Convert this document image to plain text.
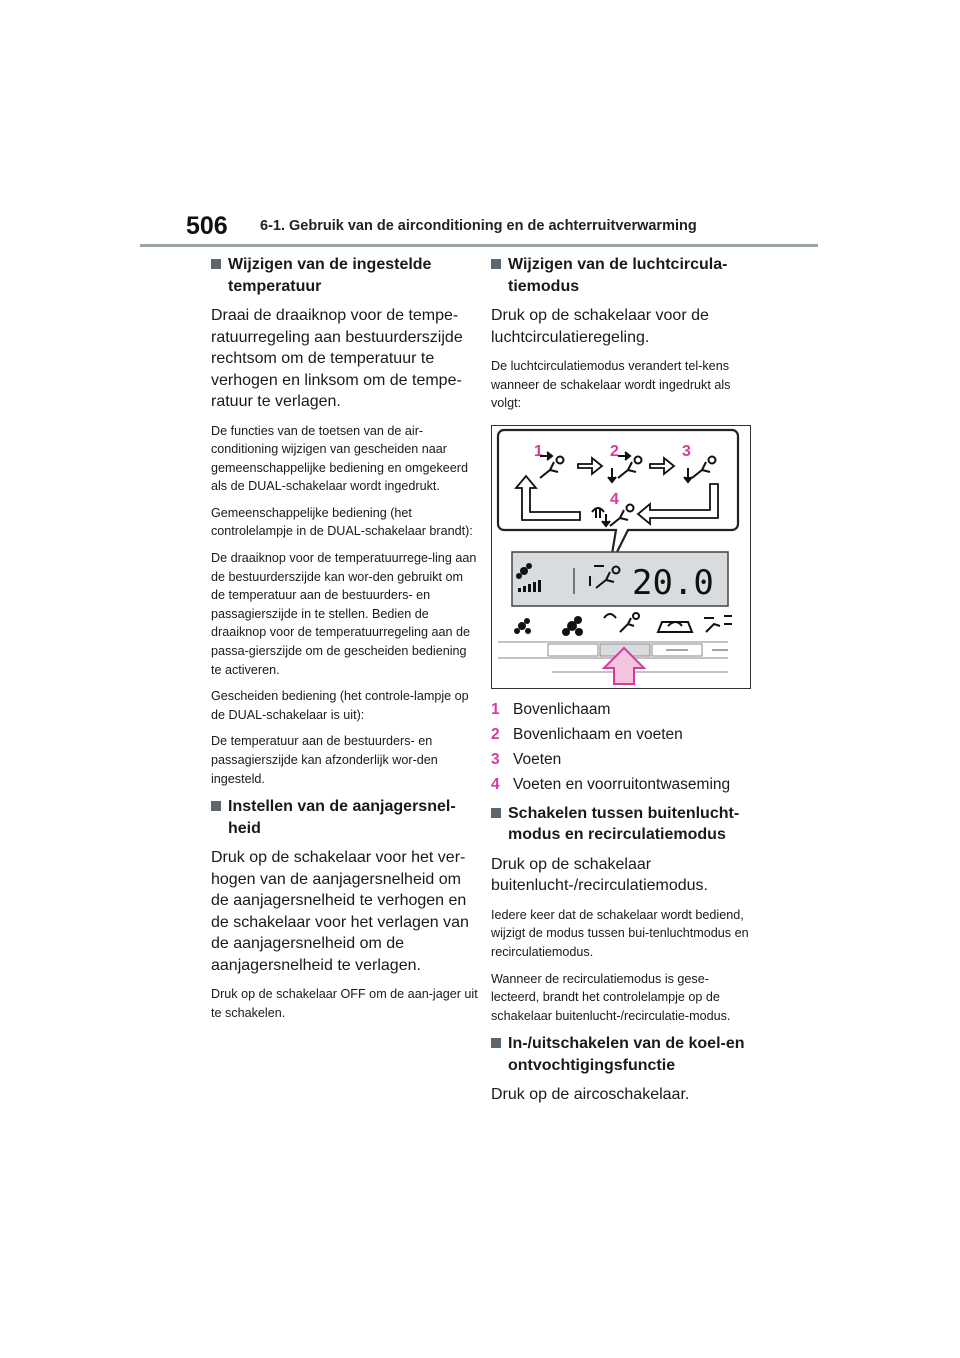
506 6-1. Gebruik van de airconditioning en de achterruitverwarming
Wijzigen van de ingestelde temperatuur

Draai de draaiknop voor de tempe-ratuurregeling aan bestuurderszijde rechtsom om de temperatuur te verhogen en linksom om de tempe-ratuur te verlagen.

De functies van de toetsen van de air-conditioning wijzigen van gescheiden naar gemeenschappelijke bediening en omgekeerd als de DUAL-schakelaar wordt ingedrukt.

Gemeenschappelijke bediening (het controlelampje in de DUAL-schakelaar brandt):

De draaiknop voor de temperatuurrege-ling aan de bestuurderszijde kan wor-den gebruikt om de temperatuur aan de bestuurders- en passagierszijde in te stellen. Bedien de draaiknop voor de temperatuurregeling aan de passa-gierszijde om de gescheiden bediening te activeren.

Gescheiden bediening (het controle-lampje op de DUAL-schakelaar is uit):

De temperatuur aan de bestuurders- en passagierszijde kan afzonderlijk wor-den ingesteld.

Instellen van de aanjagersnel-heid

Druk op de schakelaar voor het ver-hogen van de aanjagersnelheid om de aanjagersnelheid te verhogen en de schakelaar voor het verlagen van de aanjagersnelheid om de aanjagersnelheid te verlagen.

Druk op de schakelaar OFF om de aan-jager uit te schakelen.

Wijzigen van de luchtcircula-tiemodus

Druk op de schakelaar voor de luchtcirculatieregeling.

De luchtcirculatiemodus verandert tel-kens wanneer de schakelaar wordt ingedrukt als volgt:

1	2	3
4
20.0
1 Bovenlichaam
2 Bovenlichaam en voeten
3 Voeten
4 Voeten en voorruitontwaseming
Schakelen tussen buitenlucht-modus en recirculatiemodus

Druk op de schakelaar buitenlucht-/recirculatiemodus.

Iedere keer dat de schakelaar wordt bediend, wijzigt de modus tussen bui-tenluchtmodus en recirculatiemodus.

Wanneer de recirculatiemodus is gese-lecteerd, brandt het controlelampje op de schakelaar buitenlucht-/recirculatie-modus.

In-/uitschakelen van de koel-en ontvochtigingsfunctie

Druk op de aircoschakelaar.
